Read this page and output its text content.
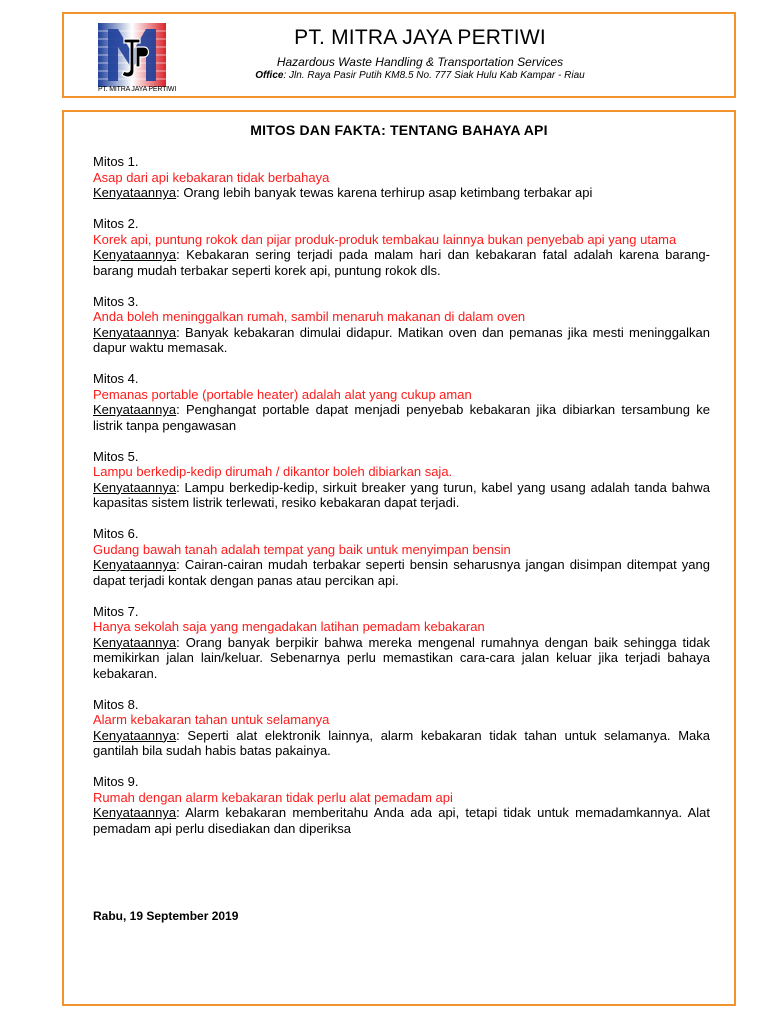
PT. MITRA JAYA PERTIWI
PT. MITRA JAYA PERTIWI
Hazardous Waste Handling & Transportation Services
Office: Jln. Raya Pasir Putih KM8.5 No. 777 Siak Hulu Kab Kampar - Riau
MITOS DAN FAKTA: TENTANG BAHAYA API
Mitos 1.
Asap dari api kebakaran tidak berbahaya
Kenyataannya: Orang lebih banyak tewas karena terhirup asap ketimbang terbakar api
Mitos 2.
Korek api, puntung rokok dan pijar produk-produk tembakau lainnya bukan penyebab api yang utama
Kenyataannya: Kebakaran sering terjadi pada malam hari dan kebakaran fatal adalah karena barang-barang mudah terbakar seperti korek api, puntung rokok dls.
Mitos 3.
Anda boleh meninggalkan rumah, sambil menaruh makanan di dalam oven
Kenyataannya: Banyak kebakaran dimulai didapur. Matikan oven dan pemanas jika mesti meninggalkan dapur waktu memasak.
Mitos 4.
Pemanas portable (portable heater) adalah alat yang cukup aman
Kenyataannya: Penghangat portable dapat menjadi penyebab kebakaran jika dibiarkan tersambung ke listrik tanpa pengawasan
Mitos 5.
Lampu berkedip-kedip dirumah / dikantor boleh dibiarkan saja.
Kenyataannya: Lampu berkedip-kedip, sirkuit breaker yang turun, kabel yang usang adalah tanda bahwa kapasitas sistem listrik terlewati, resiko kebakaran dapat terjadi.
Mitos 6.
Gudang bawah tanah adalah tempat yang baik untuk menyimpan bensin
Kenyataannya: Cairan-cairan mudah terbakar seperti bensin seharusnya jangan disimpan ditempat yang dapat terjadi kontak dengan panas atau percikan api.
Mitos 7.
Hanya sekolah saja yang mengadakan latihan pemadam kebakaran
Kenyataannya: Orang banyak berpikir bahwa mereka mengenal rumahnya dengan baik sehingga tidak memikirkan jalan lain/keluar. Sebenarnya perlu memastikan cara-cara jalan keluar jika terjadi bahaya kebakaran.
Mitos 8.
Alarm kebakaran tahan untuk selamanya
Kenyataannya: Seperti alat elektronik lainnya, alarm kebakaran tidak tahan untuk selamanya. Maka gantilah bila sudah habis batas pakainya.
Mitos 9.
Rumah dengan alarm kebakaran tidak perlu alat pemadam api
Kenyataannya: Alarm kebakaran memberitahu Anda ada api, tetapi tidak untuk memadamkannya. Alat pemadam api perlu disediakan dan diperiksa
Rabu, 19 September 2019
